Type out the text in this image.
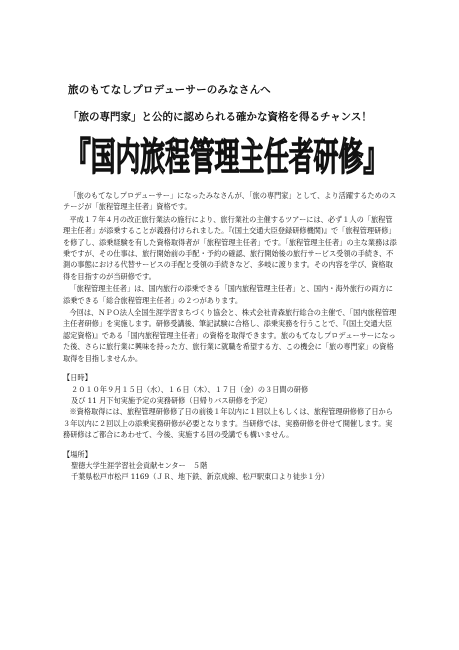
旅のもてなしプロデューサーのみなさんへ
「旅の専門家」と公的に認められる確かな資格を得るチャンス！
『国内旅程管理主任者研修』

「旅のもてなしプロデューサー」になったみなさんが、「旅の専門家」として、より活躍するためのステージが「旅程管理主任者」資格です。

平成１７年４月の改正旅行業法の施行により、旅行業社の主催するツアーには、必ず１人の「旅程管理主任者」が添乗することが義務付けられました。『(国土交通大臣登録研修機関)』で「旅程管理研修」を修了し、添乗経験を有した資格取得者が「旅程管理主任者」です。「旅程管理主任者」の主な業務は添乗ですが、その仕事は、旅行開始前の手配・予約の確認、旅行開始後の旅行サービス受領の手続き、不測の事態における代替サービスの手配と受領の手続きなど、多岐に渡ります。その内容を学び、資格取得を目指すのが当研修です。

「旅程管理主任者」は、国内旅行の添乗できる「国内旅程管理主任者」と、国内・海外旅行の両方に添乗できる「総合旅程管理主任者」の２つがあります。

今回は、ＮＰＯ法人全国生涯学習まちづくり協会と、株式会社青森旅行総合の主催で、「国内旅程管理主任者研修」を実施します。研修受講後、筆記試験に合格し、添乗実務を行うことで、『(国土交通大臣認定資格)』である「国内旅程管理主任者」の資格を取得できます。旅のもてなしプロデューサーになった後、さらに旅行業に興味を持った方、旅行業に就職を希望する方、この機会に「旅の専門家」の資格取得を目指しませんか。

【日時】
２０１０年９月１５日（水）、１６日（木）、１７日（金）の３日間の研修
及び 11 月下旬実施予定の実務研修（日帰りバス研修を予定）

※資格取得には、旅程管理研修修了日の前後１年以内に１回以上もしくは、旅程管理研修修了日から３年以内に２回以上の添乗実務研修が必要となります。当研修では、実務研修を併せて開催します。実務研修はご都合にあわせて、今後、実施する回の受講でも構いません。

【場所】
聖徳大学生涯学習社会貢献センター　５階
千葉県松戸市松戸 1169（ＪＲ、地下鉄、新京成線、松戸駅東口より徒歩１分）
